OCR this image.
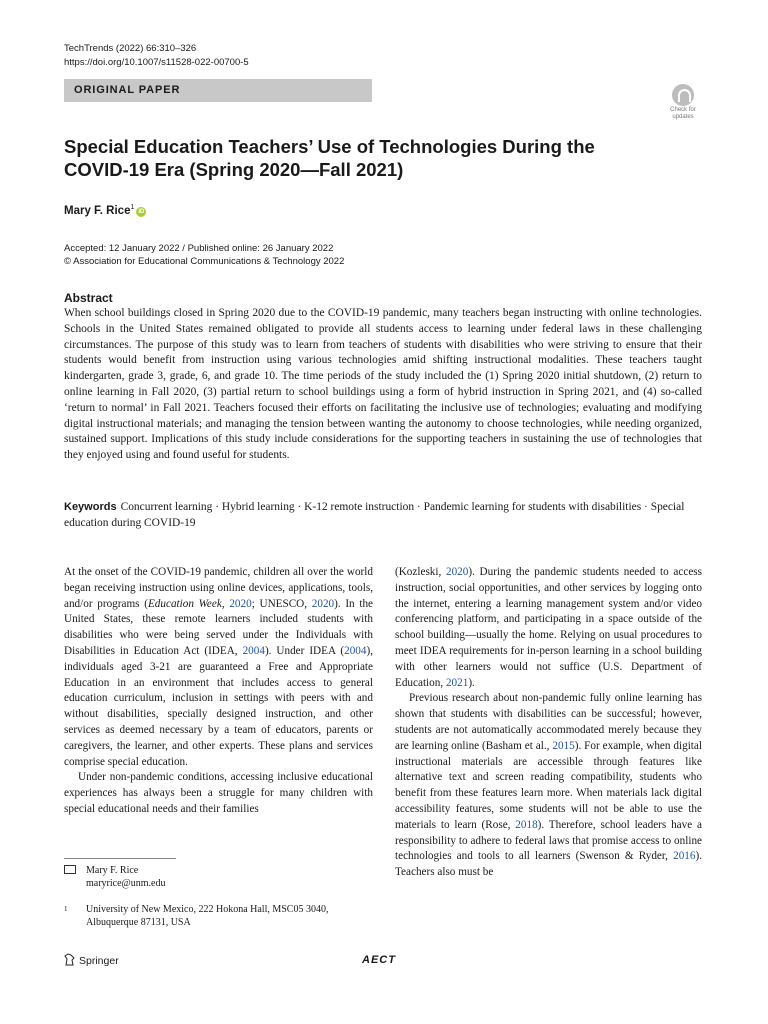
TechTrends (2022) 66:310–326
https://doi.org/10.1007/s11528-022-00700-5
ORIGINAL PAPER
Check for updates
Special Education Teachers’ Use of Technologies During the COVID-19 Era (Spring 2020—Fall 2021)
Mary F. Rice$^1$iD
Accepted: 12 January 2022 / Published online: 26 January 2022
© Association for Educational Communications & Technology 2022
Abstract
When school buildings closed in Spring 2020 due to the COVID-19 pandemic, many teachers began instructing with online technologies. Schools in the United States remained obligated to provide all students access to learning under federal laws in these challenging circumstances. The purpose of this study was to learn from teachers of students with disabilities who were striving to ensure that their students would benefit from instruction using various technologies amid shifting instructional modalities. These teachers taught kindergarten, grade 3, grade, 6, and grade 10. The time periods of the study included the (1) Spring 2020 initial shutdown, (2) return to online learning in Fall 2020, (3) partial return to school buildings using a form of hybrid instruction in Spring 2021, and (4) so-called ‘return to normal’ in Fall 2021. Teachers focused their efforts on facilitating the inclusive use of technologies; evaluating and modifying digital instructional materials; and managing the tension between wanting the autonomy to choose technologies, while needing organized, sustained support. Implications of this study include considerations for the supporting teachers in sustaining the use of technologies that they enjoyed using and found useful for students.
Keywords Concurrent learning · Hybrid learning · K-12 remote instruction · Pandemic learning for students with disabilities · Special education during COVID-19

At the onset of the COVID-19 pandemic, children all over the world began receiving instruction using online devices, applications, tools, and/or programs (Education Week, 2020; UNESCO, 2020). In the United States, these remote learners included students with disabilities who were being served under the Individuals with Disabilities in Education Act (IDEA, 2004). Under IDEA (2004), individuals aged 3-21 are guaranteed a Free and Appropriate Education in an environment that includes access to general education curriculum, inclusion in settings with peers with and without disabilities, specially designed instruction, and other services as deemed necessary by a team of educators, parents or caregivers, the learner, and other experts. These plans and services comprise special education.

Under non-pandemic conditions, accessing inclusive educational experiences has always been a struggle for many children with special educational needs and their families

(Kozleski, 2020). During the pandemic students needed to access instruction, social opportunities, and other services by logging onto the internet, entering a learning management system and/or video conferencing platform, and participating in a space outside of the school building—usually the home. Relying on usual procedures to meet IDEA requirements for in-person learning in a school building with other learners would not suffice (U.S. Department of Education, 2021).

Previous research about non-pandemic fully online learning has shown that students with disabilities can be successful; however, students are not automatically accommodated merely because they are learning online (Basham et al., 2015). For example, when digital instructional materials are accessible through features like alternative text and screen reading compatibility, students who benefit from these features learn more. When materials lack digital accessibility features, some students will not be able to use the materials to learn (Rose, 2018). Therefore, school leaders have a responsibility to adhere to federal laws that promise access to online technologies and tools to all learners (Swenson & Ryder, 2016). Teachers also must be

Mary F. Rice
maryrice@unm.edu
1	University of New Mexico, 222 Hokona Hall, MSC05 3040, Albuquerque 87131, USA
Springer	AECT
